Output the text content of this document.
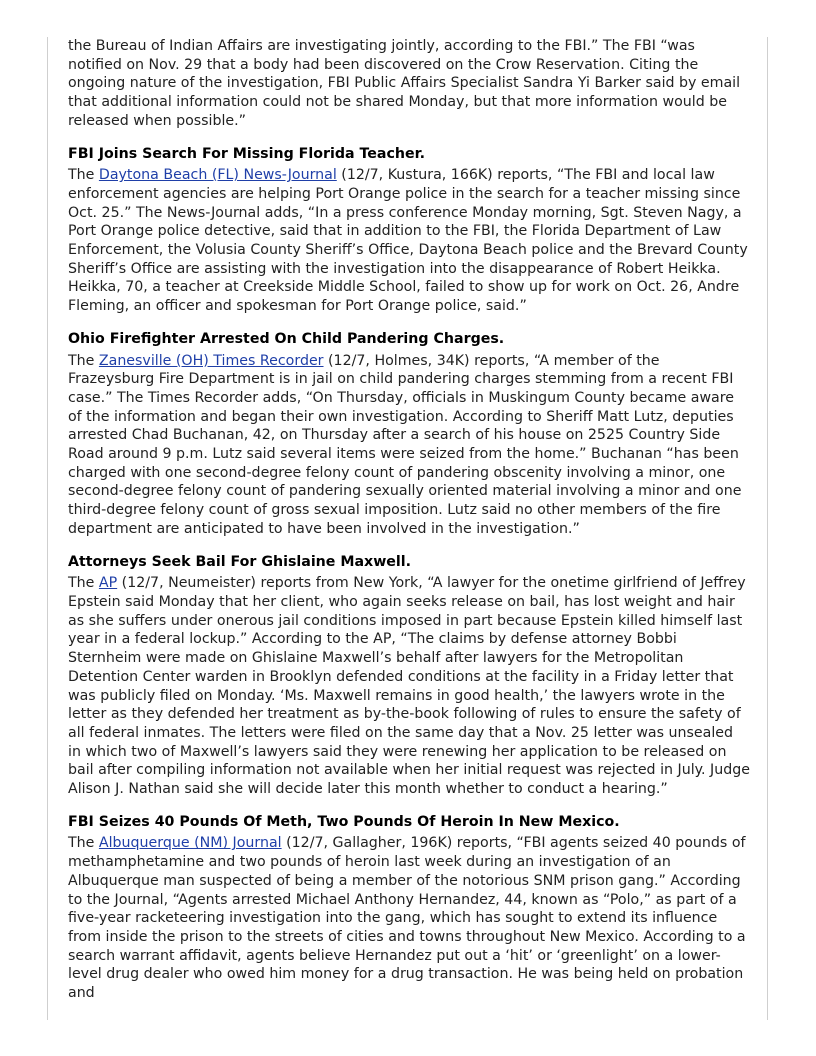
the Bureau of Indian Affairs are investigating jointly, according to the FBI.” The FBI “was notified on Nov. 29 that a body had been discovered on the Crow Reservation. Citing the ongoing nature of the investigation, FBI Public Affairs Specialist Sandra Yi Barker said by email that additional information could not be shared Monday, but that more information would be released when possible.”

FBI Joins Search For Missing Florida Teacher.

The Daytona Beach (FL) News-Journal (12/7, Kustura, 166K) reports, “The FBI and local law enforcement agencies are helping Port Orange police in the search for a teacher missing since Oct. 25.” The News-Journal adds, “In a press conference Monday morning, Sgt. Steven Nagy, a Port Orange police detective, said that in addition to the FBI, the Florida Department of Law Enforcement, the Volusia County Sheriff’s Office, Daytona Beach police and the Brevard County Sheriff’s Office are assisting with the investigation into the disappearance of Robert Heikka. Heikka, 70, a teacher at Creekside Middle School, failed to show up for work on Oct. 26, Andre Fleming, an officer and spokesman for Port Orange police, said.”

Ohio Firefighter Arrested On Child Pandering Charges.

The Zanesville (OH) Times Recorder (12/7, Holmes, 34K) reports, “A member of the Frazeysburg Fire Department is in jail on child pandering charges stemming from a recent FBI case.” The Times Recorder adds, “On Thursday, officials in Muskingum County became aware of the information and began their own investigation. According to Sheriff Matt Lutz, deputies arrested Chad Buchanan, 42, on Thursday after a search of his house on 2525 Country Side Road around 9 p.m. Lutz said several items were seized from the home.” Buchanan “has been charged with one second-degree felony count of pandering obscenity involving a minor, one second-degree felony count of pandering sexually oriented material involving a minor and one third-degree felony count of gross sexual imposition. Lutz said no other members of the fire department are anticipated to have been involved in the investigation.”

Attorneys Seek Bail For Ghislaine Maxwell.

The AP (12/7, Neumeister) reports from New York, “A lawyer for the onetime girlfriend of Jeffrey Epstein said Monday that her client, who again seeks release on bail, has lost weight and hair as she suffers under onerous jail conditions imposed in part because Epstein killed himself last year in a federal lockup.” According to the AP, “The claims by defense attorney Bobbi Sternheim were made on Ghislaine Maxwell’s behalf after lawyers for the Metropolitan Detention Center warden in Brooklyn defended conditions at the facility in a Friday letter that was publicly filed on Monday. ‘Ms. Maxwell remains in good health,’ the lawyers wrote in the letter as they defended her treatment as by-the-book following of rules to ensure the safety of all federal inmates. The letters were filed on the same day that a Nov. 25 letter was unsealed in which two of Maxwell’s lawyers said they were renewing her application to be released on bail after compiling information not available when her initial request was rejected in July. Judge Alison J. Nathan said she will decide later this month whether to conduct a hearing.”

FBI Seizes 40 Pounds Of Meth, Two Pounds Of Heroin In New Mexico.

The Albuquerque (NM) Journal (12/7, Gallagher, 196K) reports, “FBI agents seized 40 pounds of methamphetamine and two pounds of heroin last week during an investigation of an Albuquerque man suspected of being a member of the notorious SNM prison gang.” According to the Journal, “Agents arrested Michael Anthony Hernandez, 44, known as “Polo,” as part of a five-year racketeering investigation into the gang, which has sought to extend its influence from inside the prison to the streets of cities and towns throughout New Mexico. According to a search warrant affidavit, agents believe Hernandez put out a ‘hit’ or ‘greenlight’ on a lower-level drug dealer who owed him money for a drug transaction. He was being held on probation and
